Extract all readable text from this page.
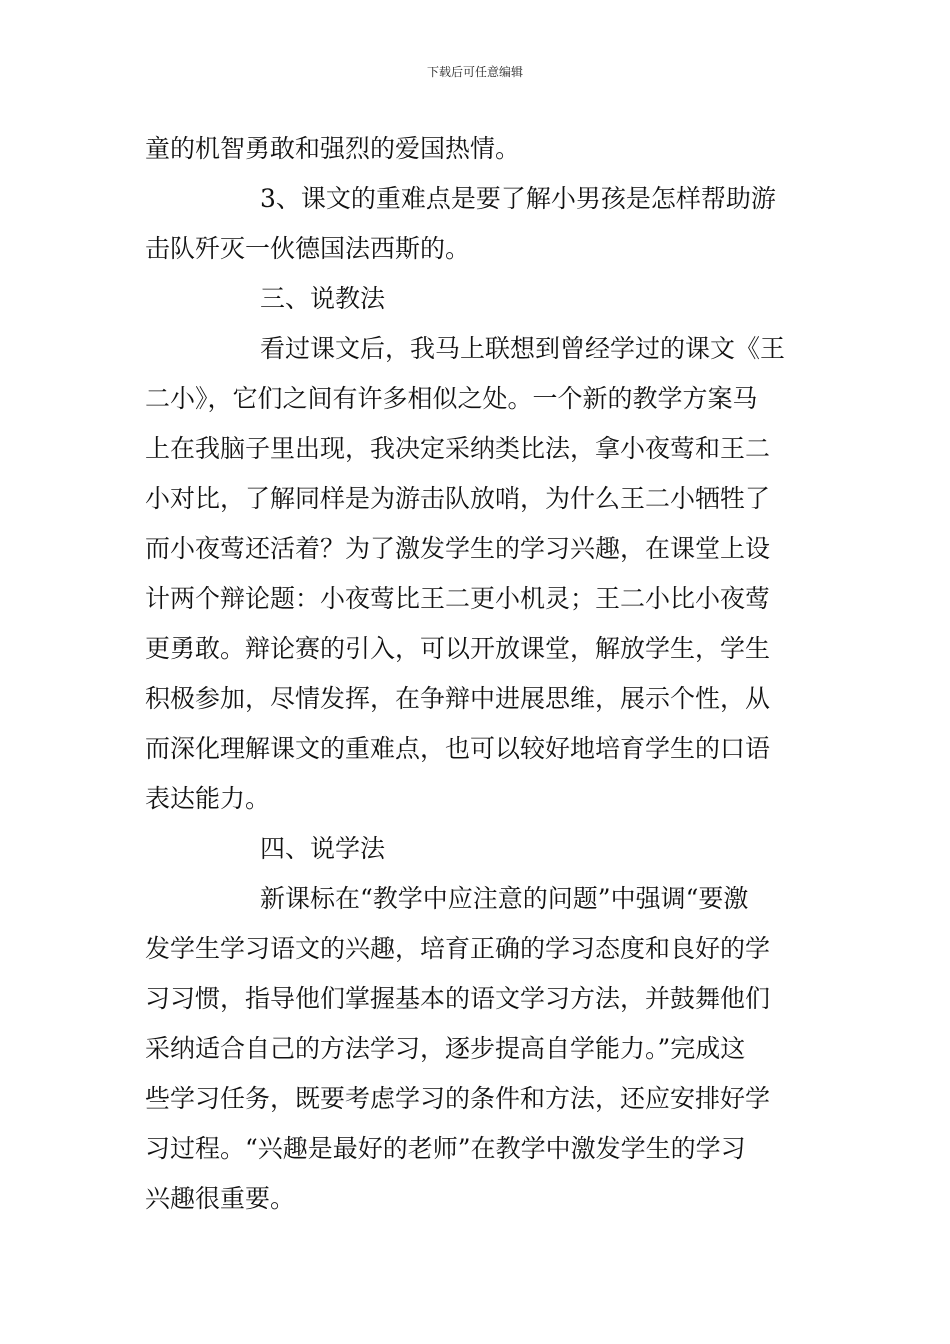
下载后可任意编辑
童的机智勇敢和强烈的爱国热情。
3、课文的重难点是要了解小男孩是怎样帮助游
击队歼灭一伙德国法西斯的。
三、说教法
看过课文后，我马上联想到曾经学过的课文《王
二小》，它们之间有许多相似之处。一个新的教学方案马
上在我脑子里出现，我决定采纳类比法，拿小夜莺和王二
小对比，了解同样是为游击队放哨，为什么王二小牺牲了
而小夜莺还活着？为了激发学生的学习兴趣，在课堂上设
计两个辩论题：小夜莺比王二更小机灵；王二小比小夜莺
更勇敢。辩论赛的引入，可以开放课堂，解放学生，学生
积极参加，尽情发挥，在争辩中进展思维，展示个性，从
而深化理解课文的重难点，也可以较好地培育学生的口语
表达能力。
四、说学法
新课标在“教学中应注意的问题”中强调“要激
发学生学习语文的兴趣，培育正确的学习态度和良好的学
习习惯，指导他们掌握基本的语文学习方法，并鼓舞他们
采纳适合自己的方法学习，逐步提高自学能力。”完成这
些学习任务，既要考虑学习的条件和方法，还应安排好学
习过程。“兴趣是最好的老师”在教学中激发学生的学习
兴趣很重要。
